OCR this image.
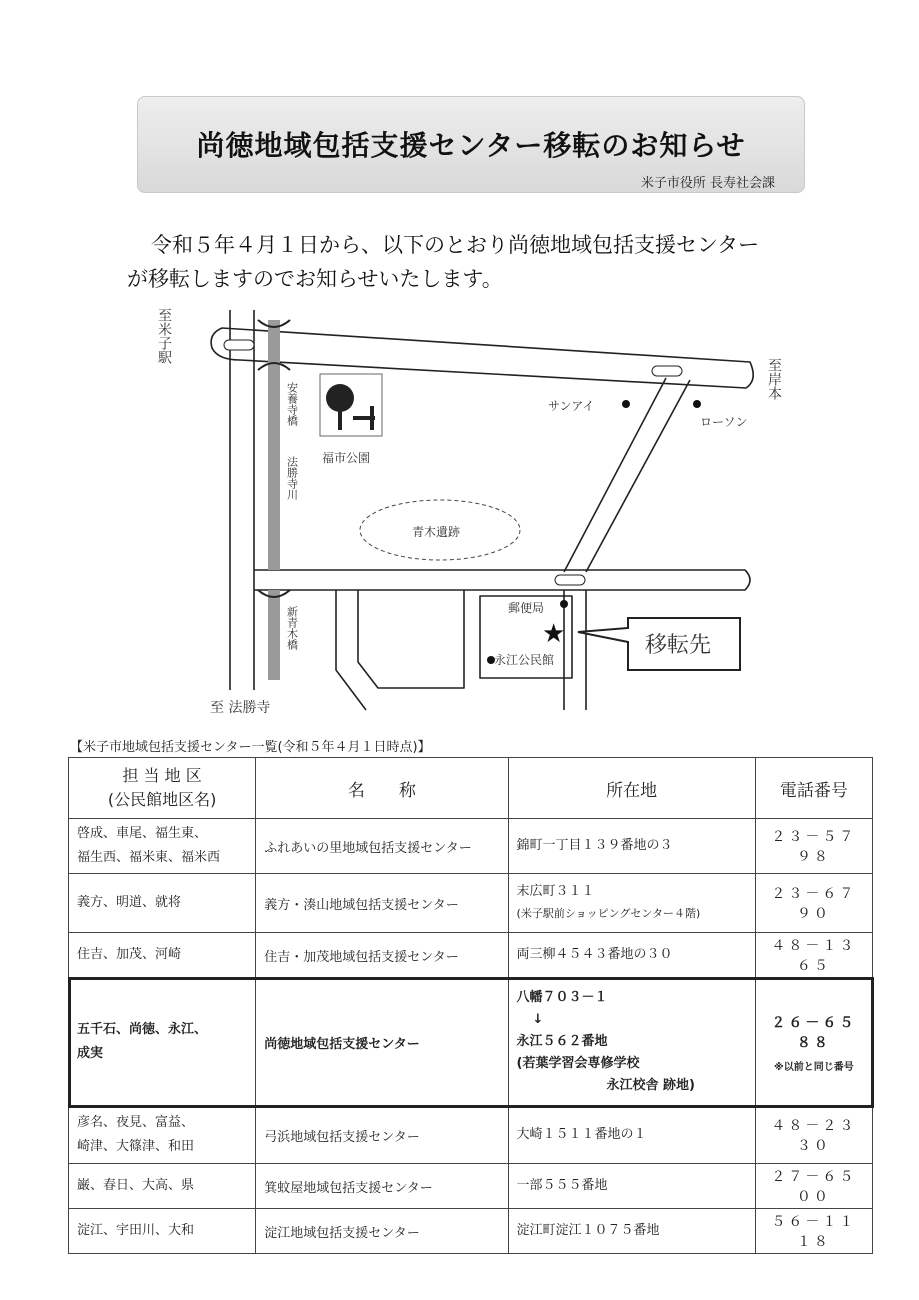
尚徳地域包括支援センター移転のお知らせ
米子市役所 長寿社会課
令和５年４月１日から、以下のとおり尚徳地域包括支援センター
が移転しますのでお知らせいたします。
★
至米子駅
至岸本
至 法勝寺
安養寺橋
法勝寺川
新青木橋
福市公園
青木遺跡
サンアイ
ローソン
郵便局
永江公民館
移転先
【米子市地域包括支援センター一覧(令和５年４月１日時点)】
担 当 地 区
(公民館地区名)	名　　称	所在地	電話番号
啓成、車尾、福生東、
福生西、福米東、福米西	ふれあいの里地域包括支援センター	錦町一丁目１３９番地の３	２３－５７９８
義方、明道、就将	義方・湊山地域包括支援センター	末広町３１１
(米子駅前ショッピングセンター４階)	２３－６７９０
住吉、加茂、河崎	住吉・加茂地域包括支援センター	両三柳４５４３番地の３０	４８－１３６５
五千石、尚徳、永江、
成実	尚徳地域包括支援センター	八幡７０３－１
↓
永江５６２番地
(若葉学習会専修学校
永江校舎 跡地)	２６－６５８８
※以前と同じ番号

彦名、夜見、富益、
崎津、大篠津、和田	弓浜地域包括支援センター	大崎１５１１番地の１	４８－２３３０
巌、春日、大高、県	箕蚊屋地域包括支援センター	一部５５５番地	２７－６５００
淀江、宇田川、大和	淀江地域包括支援センター	淀江町淀江１０７５番地	５６－１１１８
